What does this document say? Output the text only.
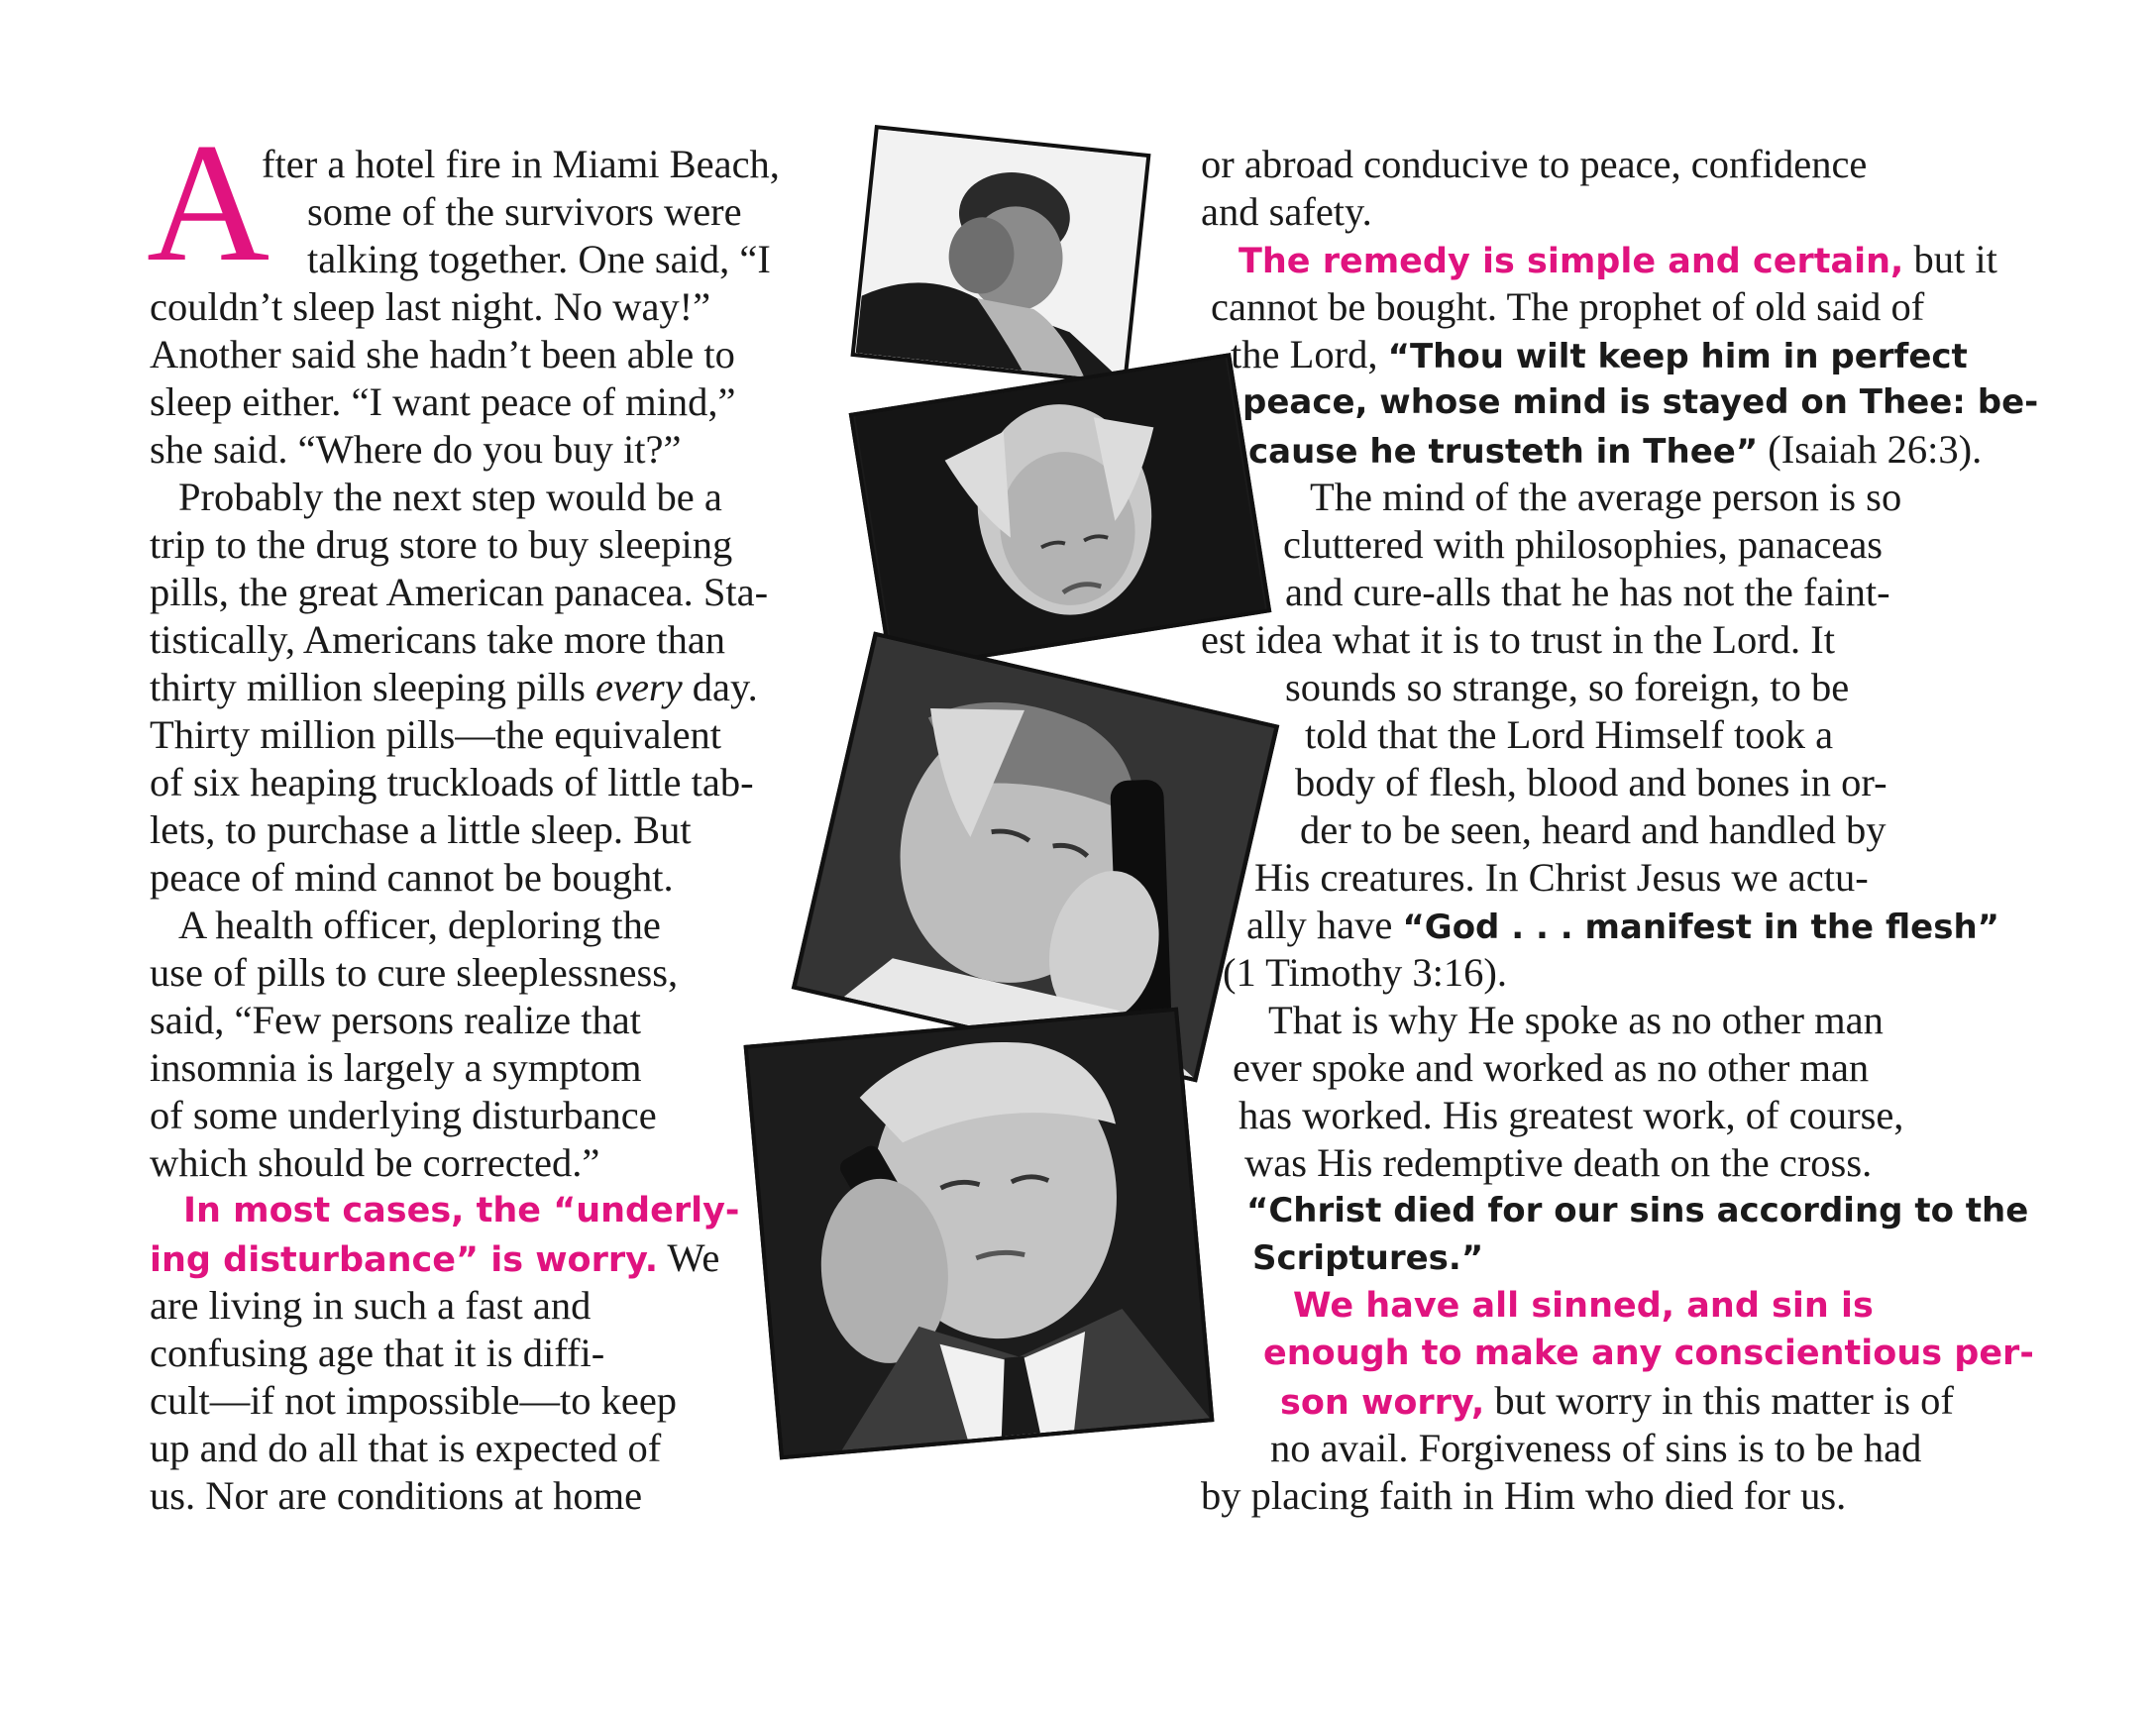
A
fter a hotel fire in Miami Beach,
some of the survivors were
talking together. One said, “I
couldn’t sleep last night. No way!”
Another said she hadn’t been able to
sleep either. “I want peace of mind,”
she said. “Where do you buy it?”
Probably the next step would be a
trip to the drug store to buy sleeping
pills, the great American panacea. Sta-
tistically, Americans take more than
thirty million sleeping pills every day.
Thirty million pills—the equivalent
of six heaping truckloads of little tab-
lets, to purchase a little sleep. But
peace of mind cannot be bought.
A health officer, deploring the
use of pills to cure sleeplessness,
said, “Few persons realize that
insomnia is largely a symptom
of some underlying disturbance
which should be corrected.”
In most cases, the “underly-
ing disturbance” is worry. We
are living in such a fast and
confusing age that it is diffi-
cult—if not impossible—to keep
up and do all that is expected of
us. Nor are conditions at home
or abroad conducive to peace, confidence
and safety.
The remedy is simple and certain, but it
cannot be bought. The prophet of old said of
the Lord, “Thou wilt keep him in perfect
peace, whose mind is stayed on Thee: be-
cause he trusteth in Thee” (Isaiah 26:3).
The mind of the average person is so
cluttered with philosophies, panaceas
and cure-alls that he has not the faint-
est idea what it is to trust in the Lord. It
sounds so strange, so foreign, to be
told that the Lord Himself took a
body of flesh, blood and bones in or-
der to be seen, heard and handled by
His creatures. In Christ Jesus we actu-
ally have “God . . . manifest in the flesh”
(1 Timothy 3:16).
That is why He spoke as no other man
ever spoke and worked as no other man
has worked. His greatest work, of course,
was His redemptive death on the cross.
“Christ died for our sins according to the
Scriptures.”
We have all sinned, and sin is
enough to make any conscientious per-
son worry, but worry in this matter is of
no avail. Forgiveness of sins is to be had
by placing faith in Him who died for us.
